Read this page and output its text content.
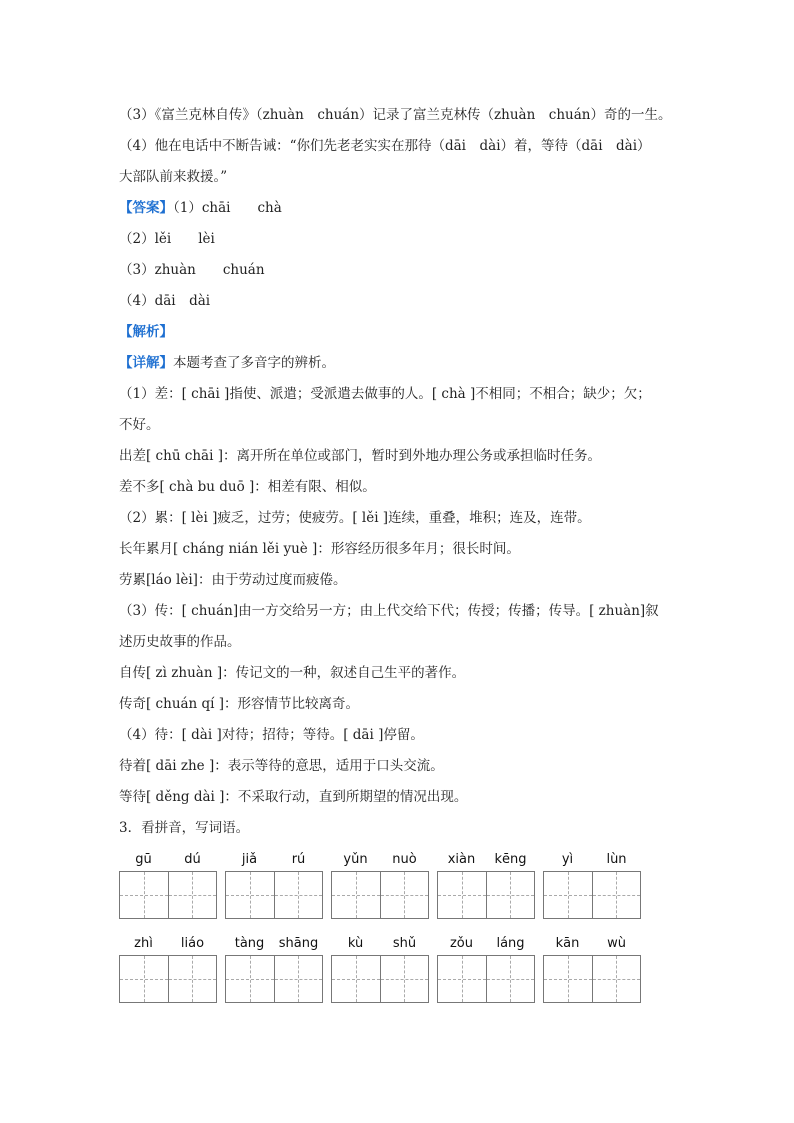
（3）《富兰克林自传》（zhuàn　chuán）记录了富兰克林传（zhuàn　chuán）奇的一生。
（4）他在电话中不断告诫：“你们先老老实实在那待（dāi　dài）着，等待（dāi　dài）
大部队前来救援。”
【答案】（1）chāi　　chà
（2）lěi　　lèi
（3）zhuàn　　chuán
（4）dāi　dài
【解析】
【详解】本题考查了多音字的辨析。
（1）差：[ chāi ]指使、派遣；受派遣去做事的人。[ chà ]不相同；不相合；缺少；欠；
不好。
出差[ chū chāi ]：离开所在单位或部门，暂时到外地办理公务或承担临时任务。
差不多[ chà bu duō ]：相差有限、相似。
（2）累：[ lèi ]疲乏，过劳；使疲劳。[ lěi ]连续，重叠，堆积；连及，连带。
长年累月[ cháng nián lěi yuè ]：形容经历很多年月；很长时间。
劳累[láo lèi]：由于劳动过度而疲倦。
（3）传：[ chuán]由一方交给另一方；由上代交给下代；传授；传播；传导。[ zhuàn]叙
述历史故事的作品。
自传[ zì zhuàn ]：传记文的一种，叙述自己生平的著作。
传奇[ chuán qí ]：形容情节比较离奇。
（4）待：[ dài ]对待；招待；等待。[ dāi ]停留。
待着[ dāi zhe ]：表示等待的意思，适用于口头交流。
等待[ děng dài ]：不采取行动，直到所期望的情况出现。
3．看拼音，写词语。
gū	dú	jiǎ	rú	yǔn	nuò	xiàn	kēng	yì	lùn
zhì	liáo	tàng	shāng	kù	shǔ	zǒu	láng	kān	wù
